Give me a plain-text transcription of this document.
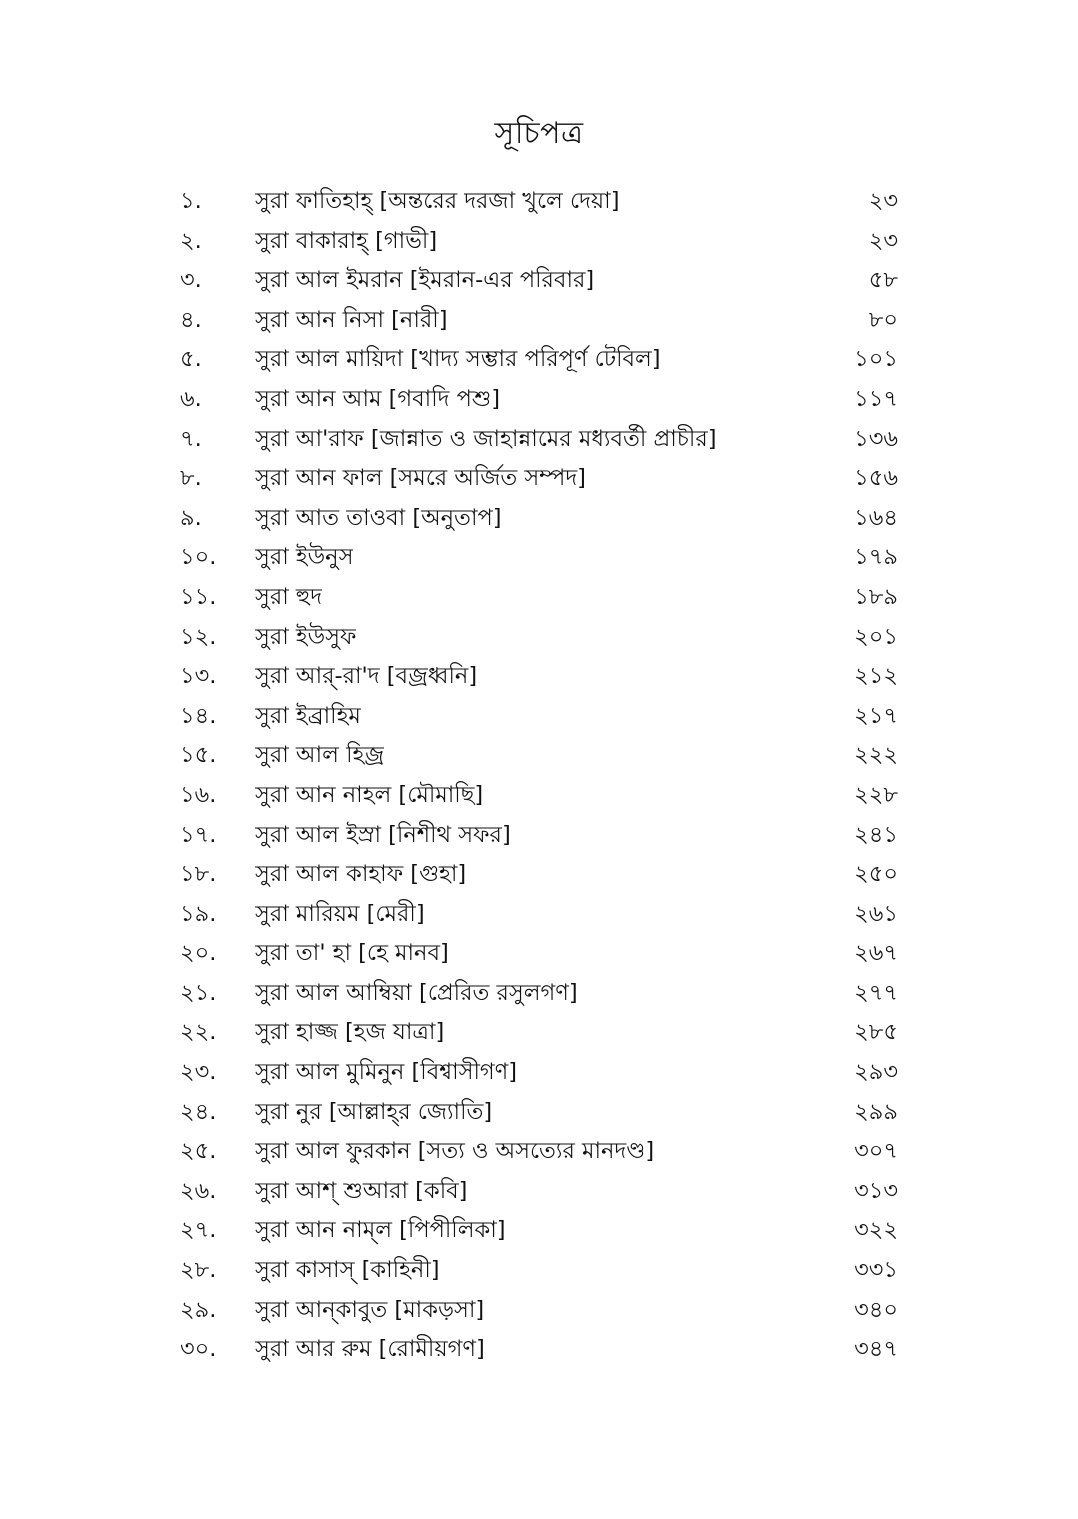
সূচিপত্র
১.	সুরা ফাতিহাহ্ [অন্তরের দরজা খুলে দেয়া]	২৩
২.	সুরা বাকারাহ্ [গাভী]	২৩
৩.	সুরা আল ইমরান [ইমরান-এর পরিবার]	৫৮
৪.	সুরা আন নিসা [নারী]	৮০
৫.	সুরা আল মায়িদা [খাদ্য সম্ভার পরিপূর্ণ টেবিল]	১০১
৬.	সুরা আন আম [গবাদি পশু]	১১৭
৭.	সুরা আ'রাফ [জান্নাত ও জাহান্নামের মধ্যবর্তী প্রাচীর]	১৩৬
৮.	সুরা আন ফাল [সমরে অর্জিত সম্পদ]	১৫৬
৯.	সুরা আত তাওবা [অনুতাপ]	১৬৪
১০.	সুরা ইউনুস	১৭৯
১১.	সুরা হুদ	১৮৯
১২.	সুরা ইউসুফ	২০১
১৩.	সুরা আর্-রা'দ [বজ্রধ্বনি]	২১২
১৪.	সুরা ইব্রাহিম	২১৭
১৫.	সুরা আল হিজ্র	২২২
১৬.	সুরা আন নাহল [মৌমাছি]	২২৮
১৭.	সুরা আল ইস্রা [নিশীথ সফর]	২৪১
১৮.	সুরা আল কাহাফ [গুহা]	২৫০
১৯.	সুরা মারিয়ম [মেরী]	২৬১
২০.	সুরা তা' হা [হে মানব]	২৬৭
২১.	সুরা আল আম্বিয়া [প্রেরিত রসুলগণ]	২৭৭
২২.	সুরা হাজ্জ [হজ যাত্রা]	২৮৫
২৩.	সুরা আল মুমিনুন [বিশ্বাসীগণ]	২৯৩
২৪.	সুরা নুর [আল্লাহ্‌র জ্যোতি]	২৯৯
২৫.	সুরা আল ফুরকান [সত্য ও অসত্যের মানদণ্ড]	৩০৭
২৬.	সুরা আশ্ শুআরা [কবি]	৩১৩
২৭.	সুরা আন নাম্‌ল [পিপীলিকা]	৩২২
২৮.	সুরা কাসাস্ [কাহিনী]	৩৩১
২৯.	সুরা আন্‌কাবুত [মাকড়সা]	৩৪০
৩০.	সুরা আর রুম [রোমীয়গণ]	৩৪৭
